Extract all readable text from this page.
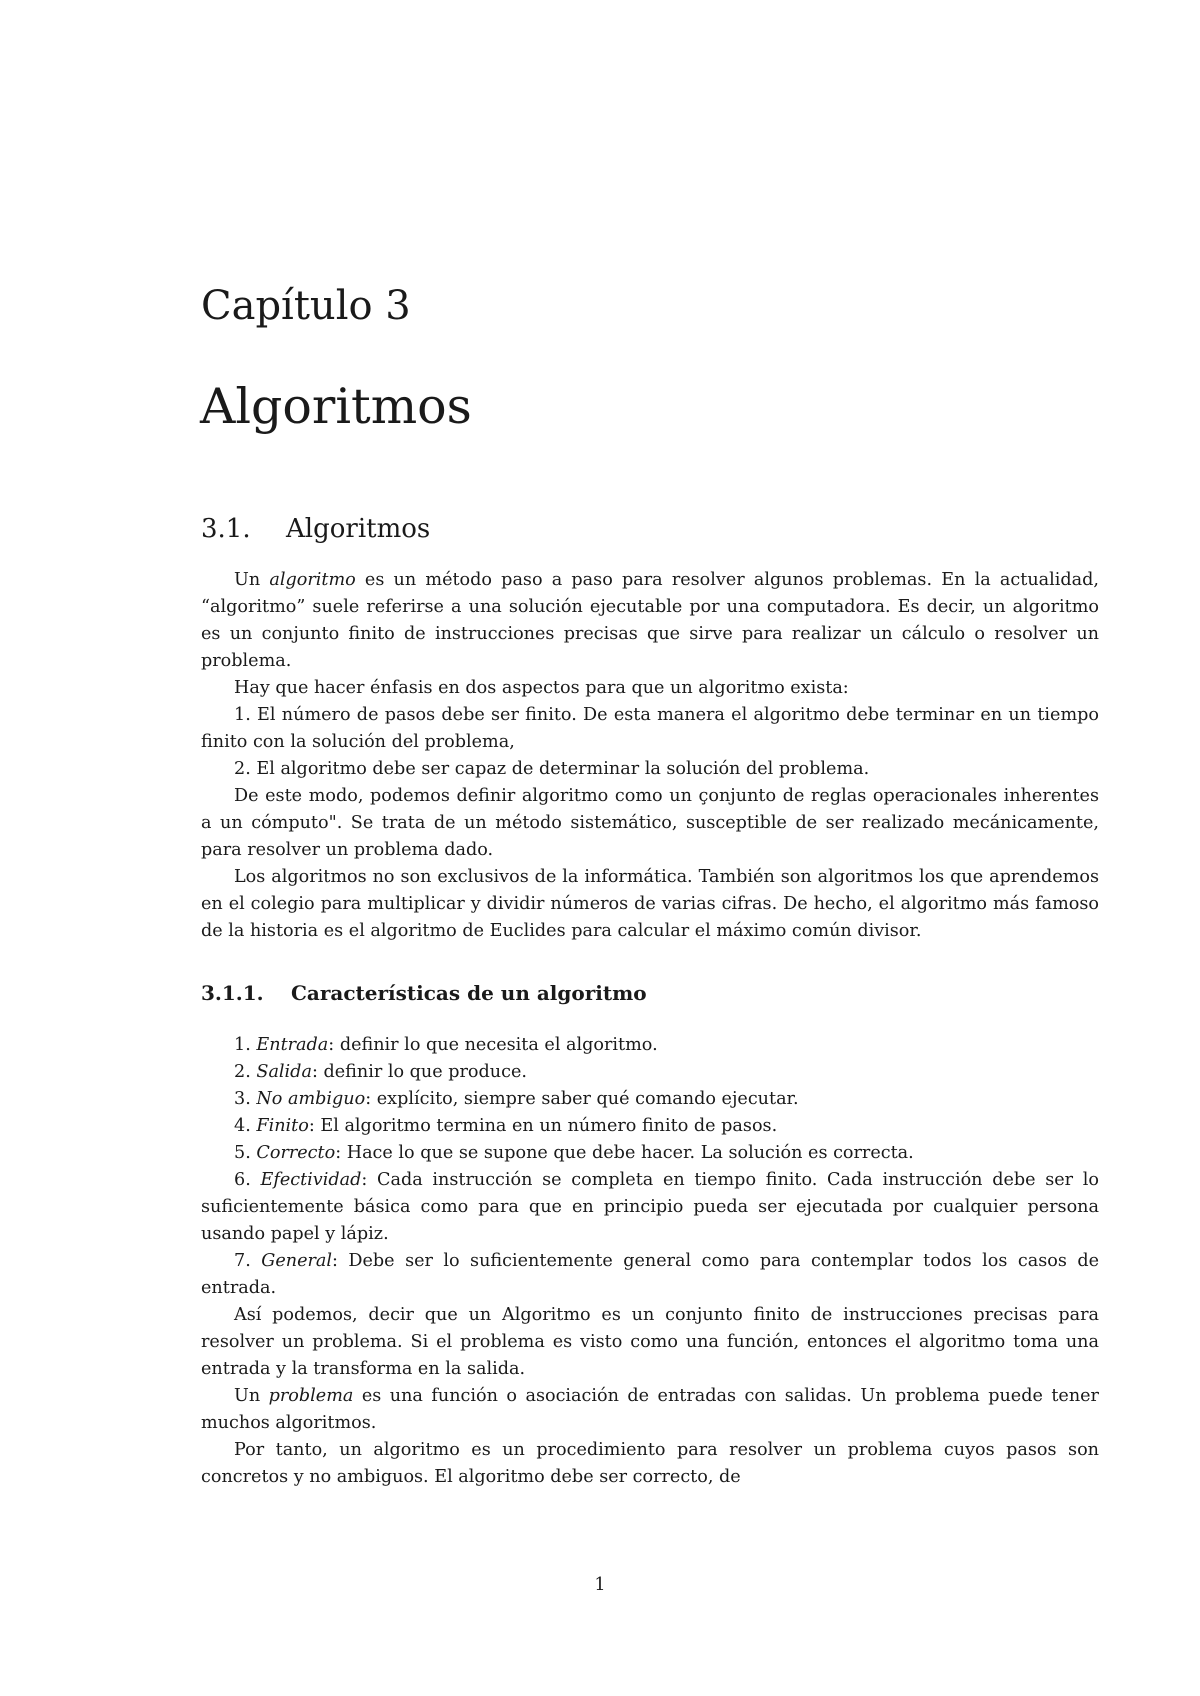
Capítulo 3
Algoritmos
3.1. Algoritmos

Un algoritmo es un método paso a paso para resolver algunos problemas. En la actualidad, “algoritmo” suele referirse a una solución ejecutable por una computadora. Es decir, un algoritmo es un conjunto finito de instrucciones precisas que sirve para realizar un cálculo o resolver un problema.

Hay que hacer énfasis en dos aspectos para que un algoritmo exista:

1. El número de pasos debe ser finito. De esta manera el algoritmo debe terminar en un tiempo finito con la solución del problema,

2. El algoritmo debe ser capaz de determinar la solución del problema.

De este modo, podemos definir algoritmo como un çonjunto de reglas operacionales inherentes a un cómputo". Se trata de un método sistemático, susceptible de ser realizado mecánicamente, para resolver un problema dado.

Los algoritmos no son exclusivos de la informática. También son algoritmos los que aprendemos en el colegio para multiplicar y dividir números de varias cifras. De hecho, el algoritmo más famoso de la historia es el algoritmo de Euclides para calcular el máximo común divisor.

3.1.1. Características de un algoritmo

1. Entrada: definir lo que necesita el algoritmo.

2. Salida: definir lo que produce.

3. No ambiguo: explícito, siempre saber qué comando ejecutar.

4. Finito: El algoritmo termina en un número finito de pasos.

5. Correcto: Hace lo que se supone que debe hacer. La solución es correcta.

6. Efectividad: Cada instrucción se completa en tiempo finito. Cada instrucción debe ser lo suficientemente básica como para que en principio pueda ser ejecutada por cualquier persona usando papel y lápiz.

7. General: Debe ser lo suficientemente general como para contemplar todos los casos de entrada.

Así podemos, decir que un Algoritmo es un conjunto finito de instrucciones precisas para resolver un problema. Si el problema es visto como una función, entonces el algoritmo toma una entrada y la transforma en la salida.

Un problema es una función o asociación de entradas con salidas. Un problema puede tener muchos algoritmos.

Por tanto, un algoritmo es un procedimiento para resolver un problema cuyos pasos son concretos y no ambiguos. El algoritmo debe ser correcto, de

1
